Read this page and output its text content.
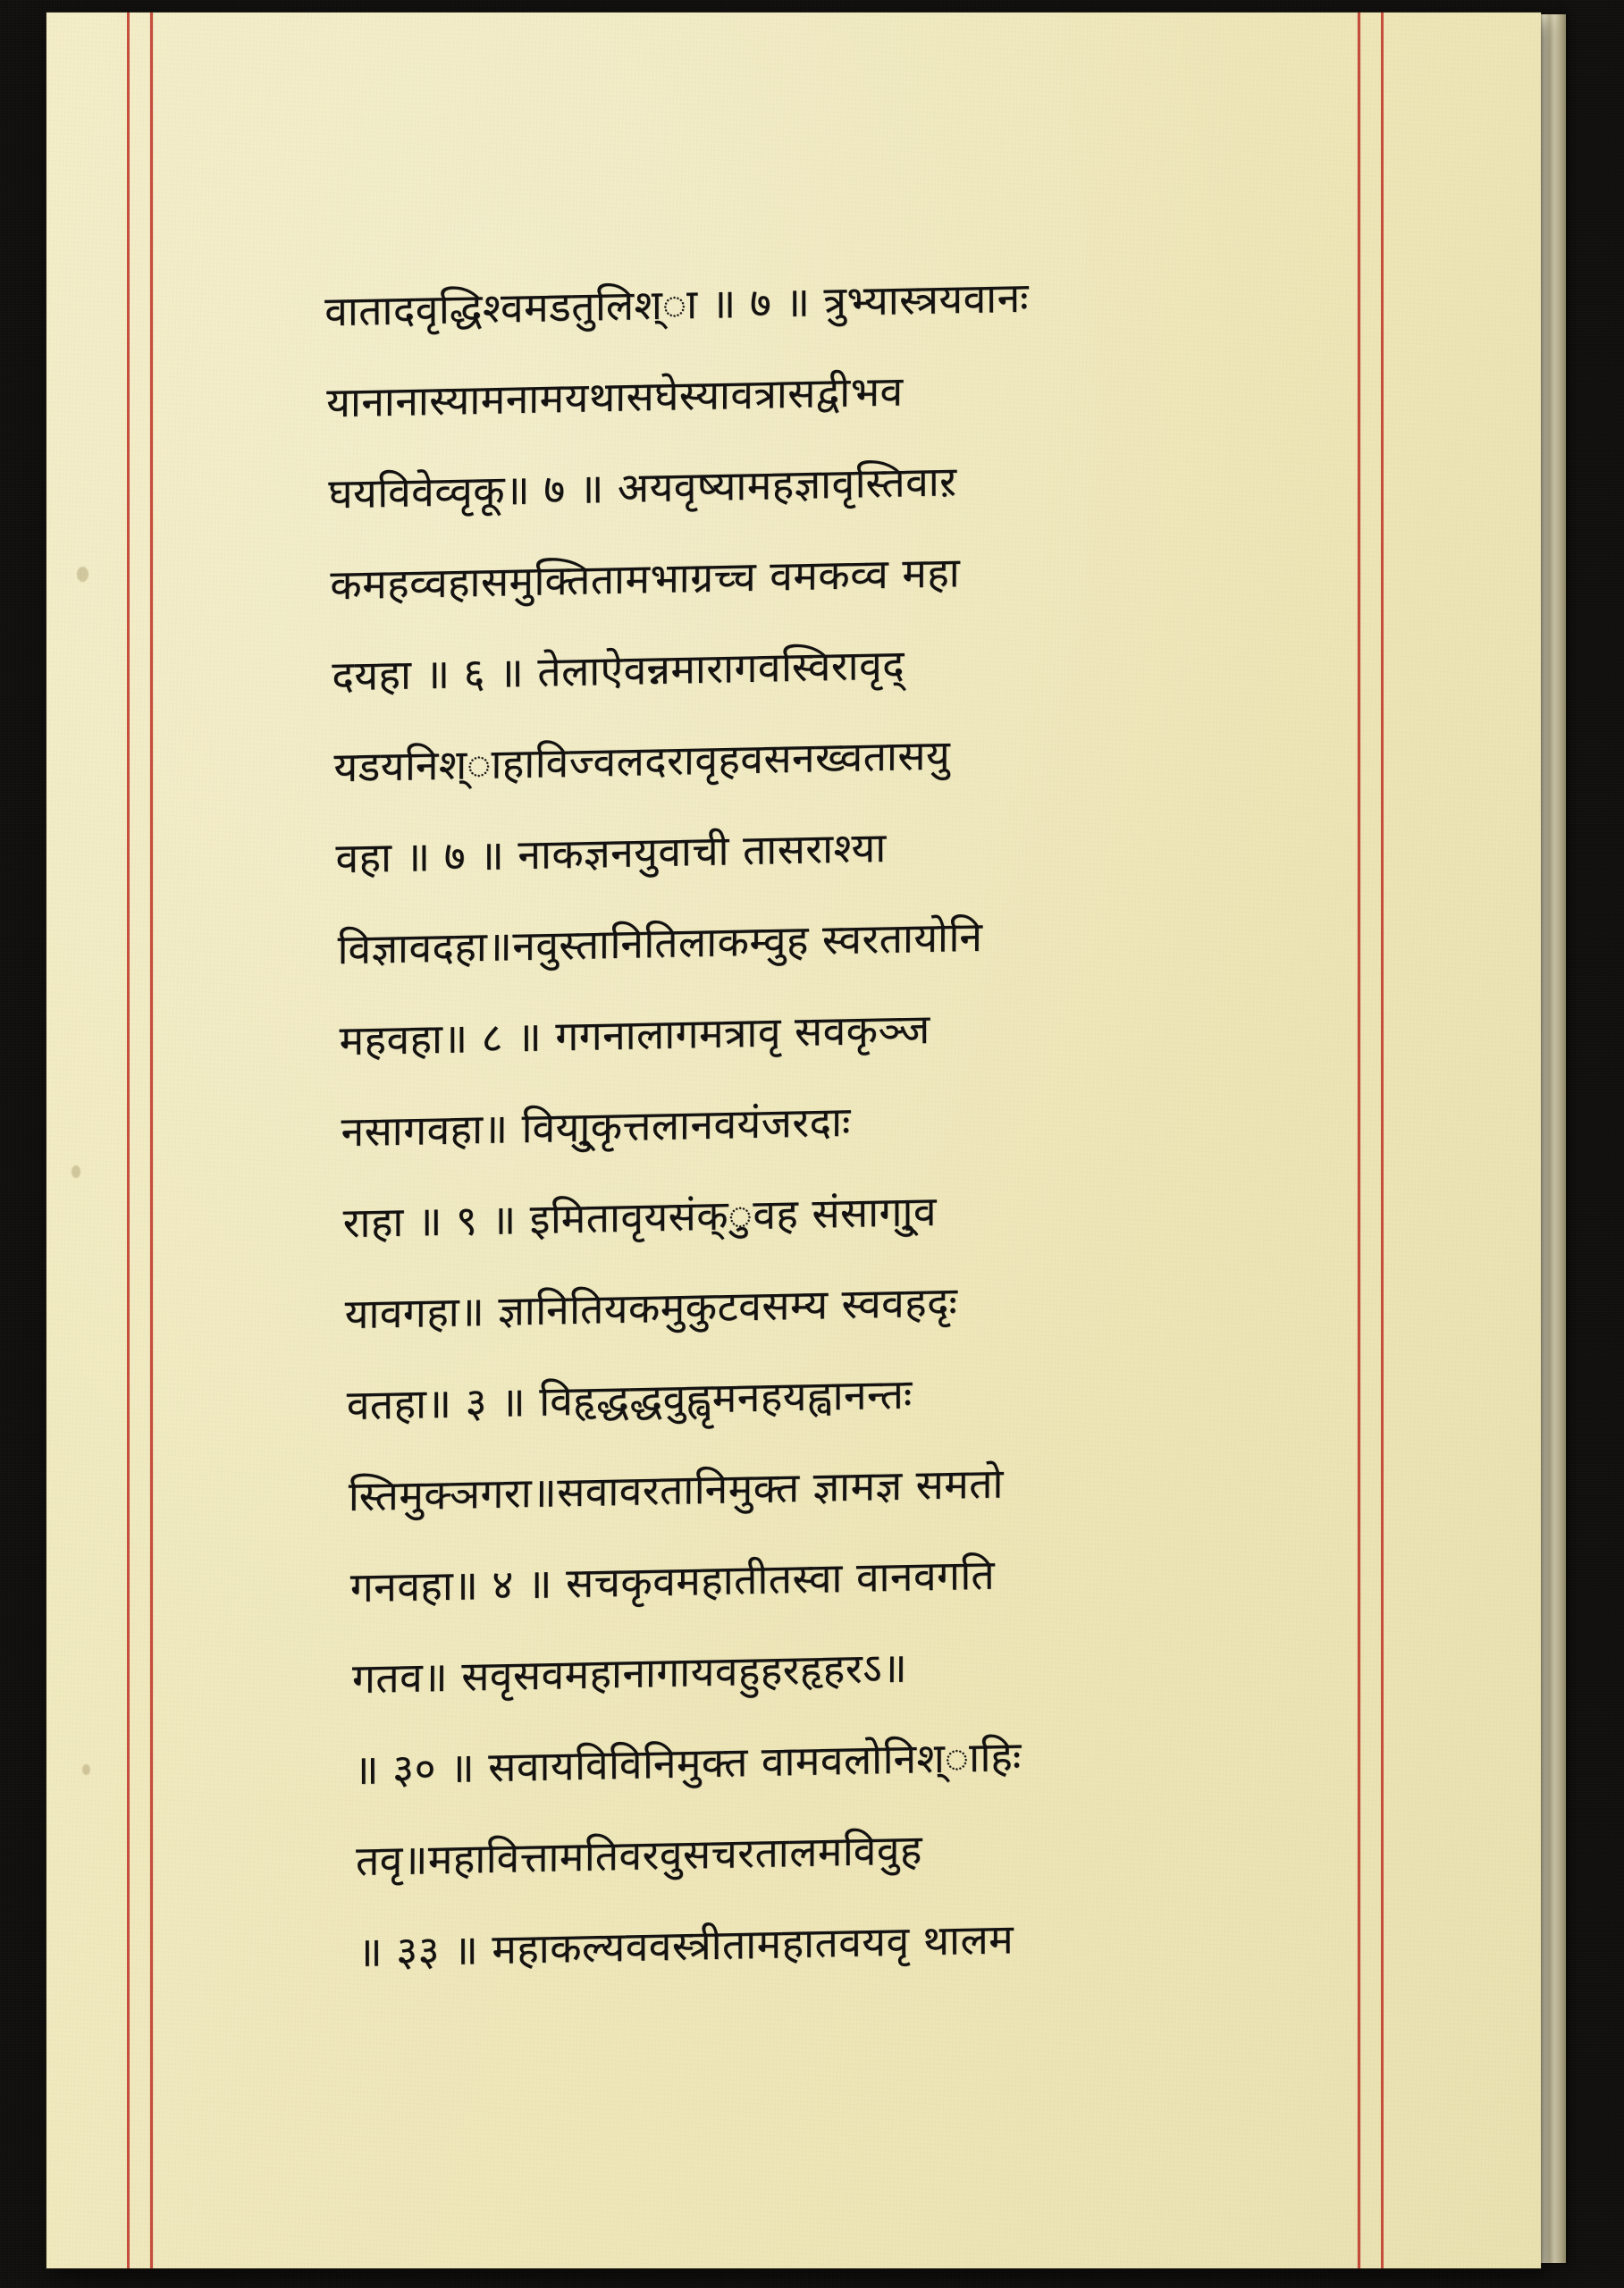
वातादवृद्धिश्वमडतुलिश्ा ॥ ७ ॥ त्रुभ्यास्त्रयवानः
यानानास्यामनामयथासघेस्यावत्रासद्वीभव
घयविवेव्वृकू॥ ७ ॥ अयवृष्यामहज्ञावृस्तिवाऱ
कमहव्वहासमुक्तितामभाग्रच्च वमकव्व महा
दयहा ॥ ६ ॥ तेलाऐवन्नमारागवस्विरावृद्
यडयनिश्ाहाविज्वलदरावृहवसनख्वतासयु
वहा ॥ ७ ॥ नाकज्ञनयुवाची तासराश्या
विज्ञावदहा॥नवुस्तानितिलाकम्वुह स्वरतायोनि
महवहा॥ ८ ॥ गगनालागमत्रावृ सवकृञ्ज
नसागवहा॥ विया्ुकृत्तलानवयंजरदाः
राहा ॥ ९ ॥ इमितावृयसंक्ुवह संसागा्ुव
यावगहा॥ ज्ञानितियकमुकुटवसम्य स्ववहदृः
वतहा॥ ३ ॥ विहृद्धद्धवुह्वृमनहयह्वानन्तः
स्तिमुक्ञगरा॥सवावरतानिमुक्त ज्ञामज्ञ समतो
गनवहा॥ ४ ॥ सचकृवमहातीतस्वा वानवगति
गतव॥ सवृसवमहानागायवहुहरहृहरऽ॥
॥ ३० ॥ सवायविविनिमुक्त वामवलोनिश्ाहिः
तवृ॥महावित्तामतिवरवुसचरतालमविवुह
॥ ३३ ॥ महाकल्यववस्त्रीतामहातवयवृ थालम
